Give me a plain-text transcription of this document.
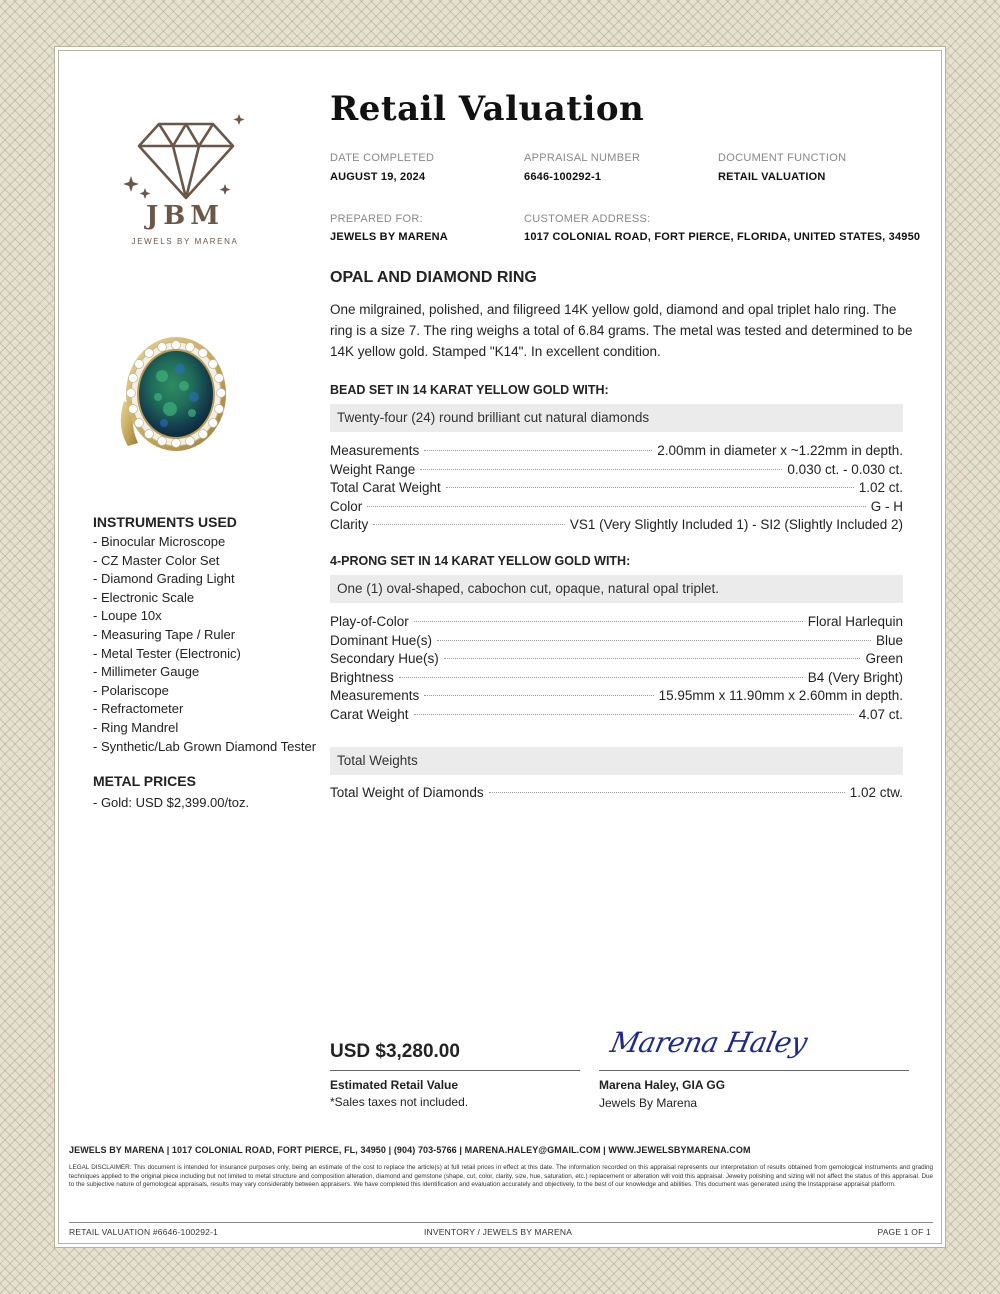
JBM
JEWELS BY MARENA
Retail Valuation
DATE COMPLETED
AUGUST 19, 2024
APPRAISAL NUMBER
6646-100292-1
DOCUMENT FUNCTION
RETAIL VALUATION
PREPARED FOR:
JEWELS BY MARENA
CUSTOMER ADDRESS:
1017 COLONIAL ROAD, FORT PIERCE, FLORIDA, UNITED STATES, 34950
OPAL AND DIAMOND RING
One milgrained, polished, and filigreed 14K yellow gold, diamond and opal triplet halo ring. The ring is a size 7. The ring weighs a total of 6.84 grams. The metal was tested and determined to be 14K yellow gold. Stamped "K14". In excellent condition.
BEAD SET IN 14 KARAT YELLOW GOLD WITH:
Twenty-four (24) round brilliant cut natural diamonds
Measurements	2.00mm in diameter x ~1.22mm in depth.
Weight Range	0.030 ct. - 0.030 ct.
Total Carat Weight	1.02 ct.
Color	G - H
Clarity	VS1 (Very Slightly Included 1) - SI2 (Slightly Included 2)
4-PRONG SET IN 14 KARAT YELLOW GOLD WITH:
One (1) oval-shaped, cabochon cut, opaque, natural opal triplet.
Play-of-Color	Floral Harlequin
Dominant Hue(s)	Blue
Secondary Hue(s)	Green
Brightness	B4 (Very Bright)
Measurements	15.95mm x 11.90mm x 2.60mm in depth.
Carat Weight	4.07 ct.
Total Weights
Total Weight of Diamonds	1.02 ctw.
INSTRUMENTS USED
- Binocular Microscope
- CZ Master Color Set
- Diamond Grading Light
- Electronic Scale
- Loupe 10x
- Measuring Tape / Ruler
- Metal Tester (Electronic)
- Millimeter Gauge
- Polariscope
- Refractometer
- Ring Mandrel
- Synthetic/Lab Grown Diamond Tester
METAL PRICES
- Gold: USD $2,399.00/toz.
USD $3,280.00
Estimated Retail Value
*Sales taxes not included.
Marena Haley
Marena Haley, GIA GG
Jewels By Marena
JEWELS BY MARENA | 1017 COLONIAL ROAD, FORT PIERCE, FL, 34950 | (904) 703-5766 | MARENA.HALEY@GMAIL.COM | WWW.JEWELSBYMARENA.COM
LEGAL DISCLAIMER: This document is intended for insurance purposes only, being an estimate of the cost to replace the article(s) at full retail prices in effect at this date. The information recorded on this appraisal represents our interpretation of results obtained from gemological instruments and grading techniques applied to the original piece including but not limited to metal structure and composition alteration, diamond and gemstone (shape, cut, color, clarity, size, hue, saturation, etc.) replacement or alteration will void this appraisal. Jewelry polishing and sizing will not affect the status of this appraisal. Due to the subjective nature of gemological appraisals, results may vary considerably between appraisers. We have completed this identification and evaluation accurately and objectively, to the best of our knowledge and abilities. This document was generated using the Instappraise appraisal platform.
RETAIL VALUATION #6646-100292-1	INVENTORY / JEWELS BY MARENA	PAGE 1 OF 1
